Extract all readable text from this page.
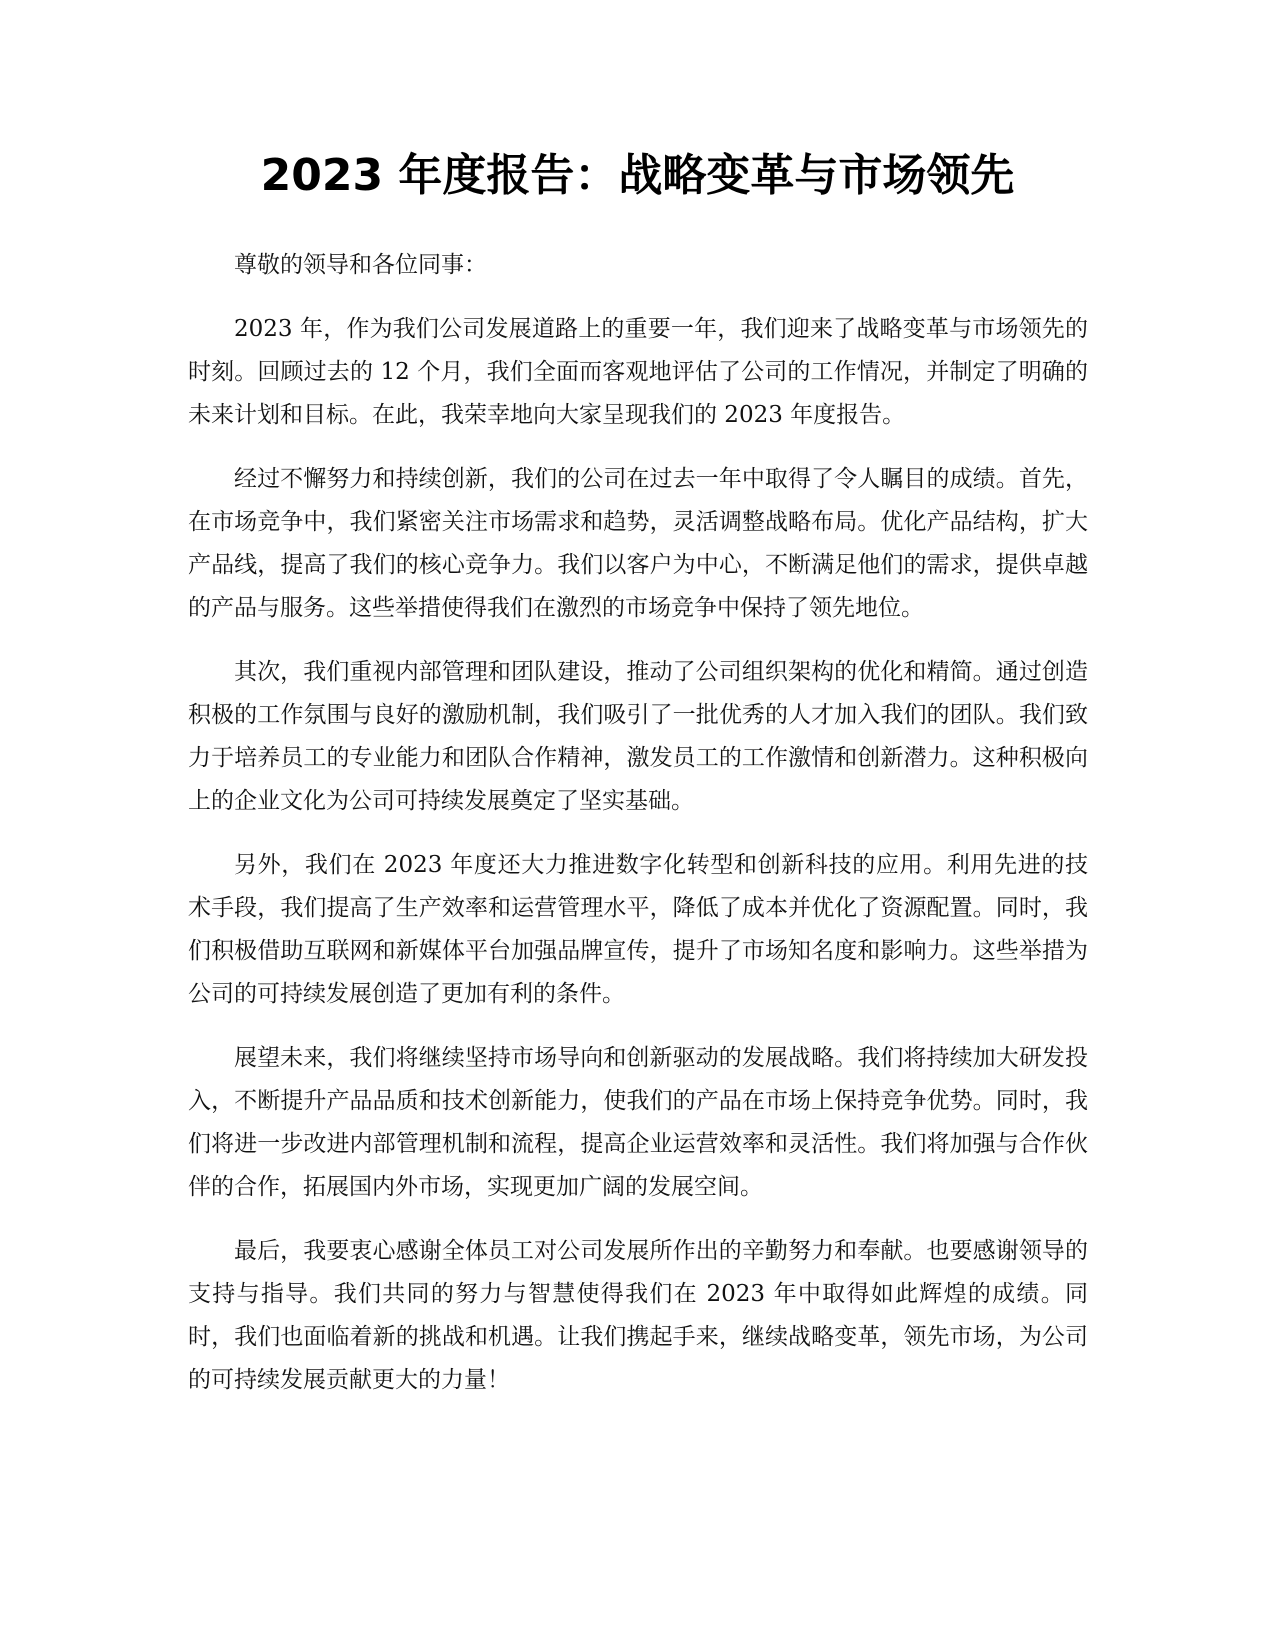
2023 年度报告：战略变革与市场领先

尊敬的领导和各位同事：

2023 年，作为我们公司发展道路上的重要一年，我们迎来了战略变革与市场领先的时刻。回顾过去的 12 个月，我们全面而客观地评估了公司的工作情况，并制定了明确的未来计划和目标。在此，我荣幸地向大家呈现我们的 2023 年度报告。

经过不懈努力和持续创新，我们的公司在过去一年中取得了令人瞩目的成绩。首先，在市场竞争中，我们紧密关注市场需求和趋势，灵活调整战略布局。优化产品结构，扩大产品线，提高了我们的核心竞争力。我们以客户为中心，不断满足他们的需求，提供卓越的产品与服务。这些举措使得我们在激烈的市场竞争中保持了领先地位。

其次，我们重视内部管理和团队建设，推动了公司组织架构的优化和精简。通过创造积极的工作氛围与良好的激励机制，我们吸引了一批优秀的人才加入我们的团队。我们致力于培养员工的专业能力和团队合作精神，激发员工的工作激情和创新潜力。这种积极向上的企业文化为公司可持续发展奠定了坚实基础。

另外，我们在 2023 年度还大力推进数字化转型和创新科技的应用。利用先进的技术手段，我们提高了生产效率和运营管理水平，降低了成本并优化了资源配置。同时，我们积极借助互联网和新媒体平台加强品牌宣传，提升了市场知名度和影响力。这些举措为公司的可持续发展创造了更加有利的条件。

展望未来，我们将继续坚持市场导向和创新驱动的发展战略。我们将持续加大研发投入，不断提升产品品质和技术创新能力，使我们的产品在市场上保持竞争优势。同时，我们将进一步改进内部管理机制和流程，提高企业运营效率和灵活性。我们将加强与合作伙伴的合作，拓展国内外市场，实现更加广阔的发展空间。

最后，我要衷心感谢全体员工对公司发展所作出的辛勤努力和奉献。也要感谢领导的支持与指导。我们共同的努力与智慧使得我们在 2023 年中取得如此辉煌的成绩。同时，我们也面临着新的挑战和机遇。让我们携起手来，继续战略变革，领先市场，为公司的可持续发展贡献更大的力量！
